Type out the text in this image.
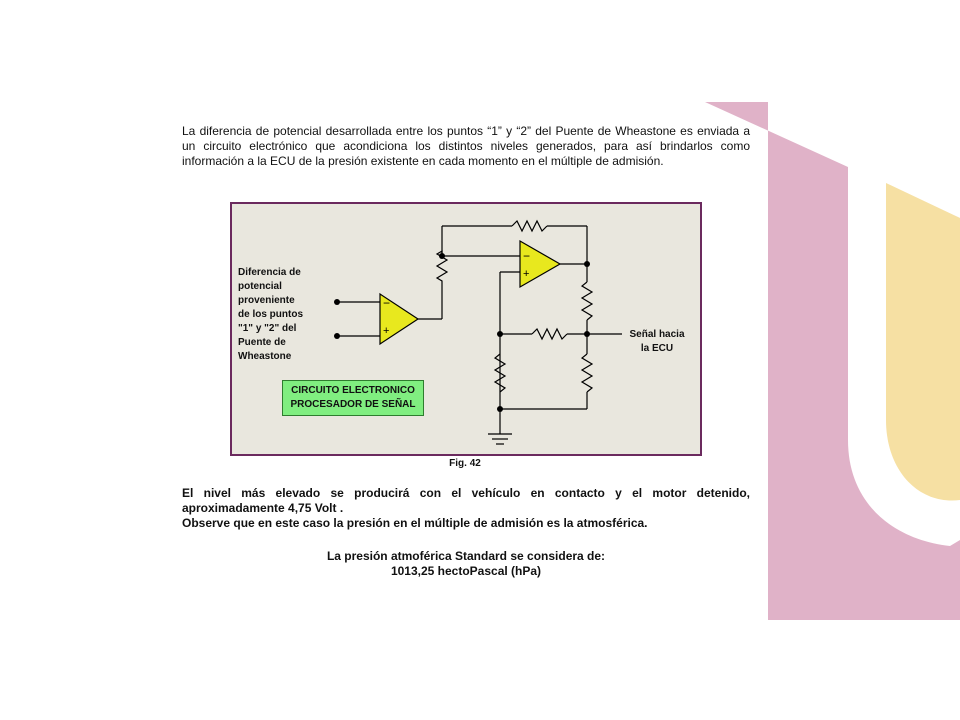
La diferencia de potencial desarrollada entre los puntos “1” y “2” del Puente de Wheastone es enviada a un circuito electrónico que acondiciona los distintos niveles generados, para así brindarlos como información a la ECU de la presión existente en cada momento en el múltiple de admisión.

−
+
−
+
Diferencia de
potencial
proveniente
de los puntos
"1" y "2" del
Puente de
Wheastone
Señal hacia
la ECU
CIRCUITO ELECTRONICO
PROCESADOR DE SEÑAL

Fig. 42

El nivel más elevado se producirá con el vehículo en contacto y el motor detenido, aproximadamente 4,75 Volt .

Observe que en este caso la presión en el múltiple de admisión es la atmosférica.

La presión atmoférica Standard se considera de:

1013,25 hectoPascal (hPa)
